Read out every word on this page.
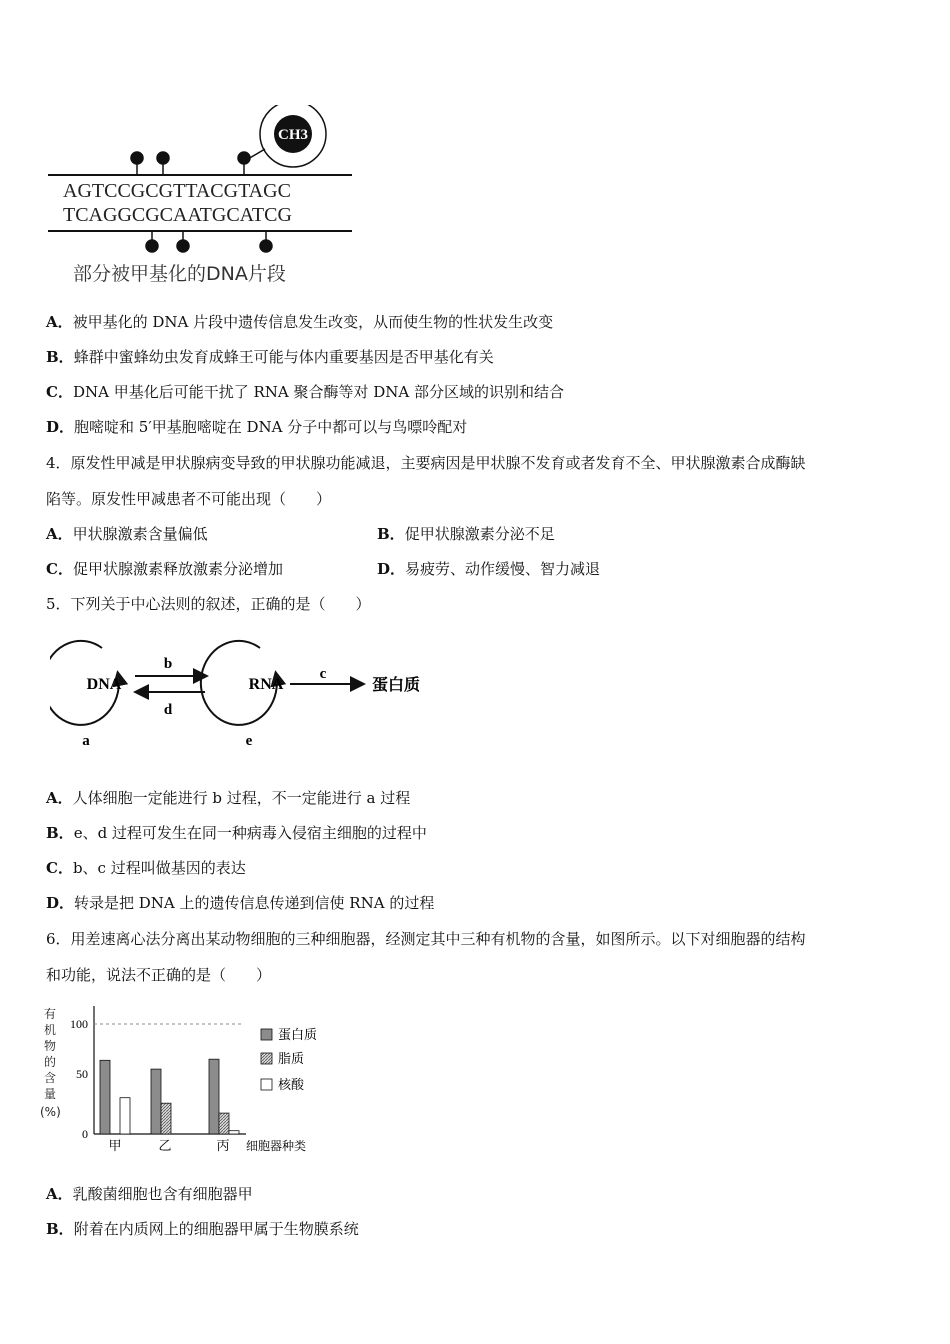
CH3
AGTCCGCGTTACGTAGC
TCAGGCGCAATGCATCG
部分被甲基化的DNA片段
A．被甲基化的 DNA 片段中遗传信息发生改变，从而使生物的性状发生改变
B．蜂群中蜜蜂幼虫发育成蜂王可能与体内重要基因是否甲基化有关
C．DNA 甲基化后可能干扰了 RNA 聚合酶等对 DNA 部分区域的识别和结合
D．胞嘧啶和 5′甲基胞嘧啶在 DNA 分子中都可以与鸟嘌呤配对
4．原发性甲减是甲状腺病变导致的甲状腺功能减退，主要病因是甲状腺不发育或者发育不全、甲状腺激素合成酶缺
陷等。原发性甲减患者不可能出现（　　）
A．甲状腺激素含量偏低	B．促甲状腺激素分泌不足
C．促甲状腺激素释放激素分泌增加	D．易疲劳、动作缓慢、智力减退
5．下列关于中心法则的叙述，正确的是（　　）
DNA
a
b
d
RNA
e
c
蛋白质
A．人体细胞一定能进行 b 过程，不一定能进行 a 过程
B．e、d 过程可发生在同一种病毒入侵宿主细胞的过程中
C．b、c 过程叫做基因的表达
D．转录是把 DNA 上的遗传信息传递到信使 RNA 的过程
6．用差速离心法分离出某动物细胞的三种细胞器，经测定其中三种有机物的含量，如图所示。以下对细胞器的结构
和功能，说法不正确的是（　　）
有机物的含量(%)
100
50
0
甲	乙	丙 细胞器种类
蛋白质
脂质
核酸
A．乳酸菌细胞也含有细胞器甲
B．附着在内质网上的细胞器甲属于生物膜系统
